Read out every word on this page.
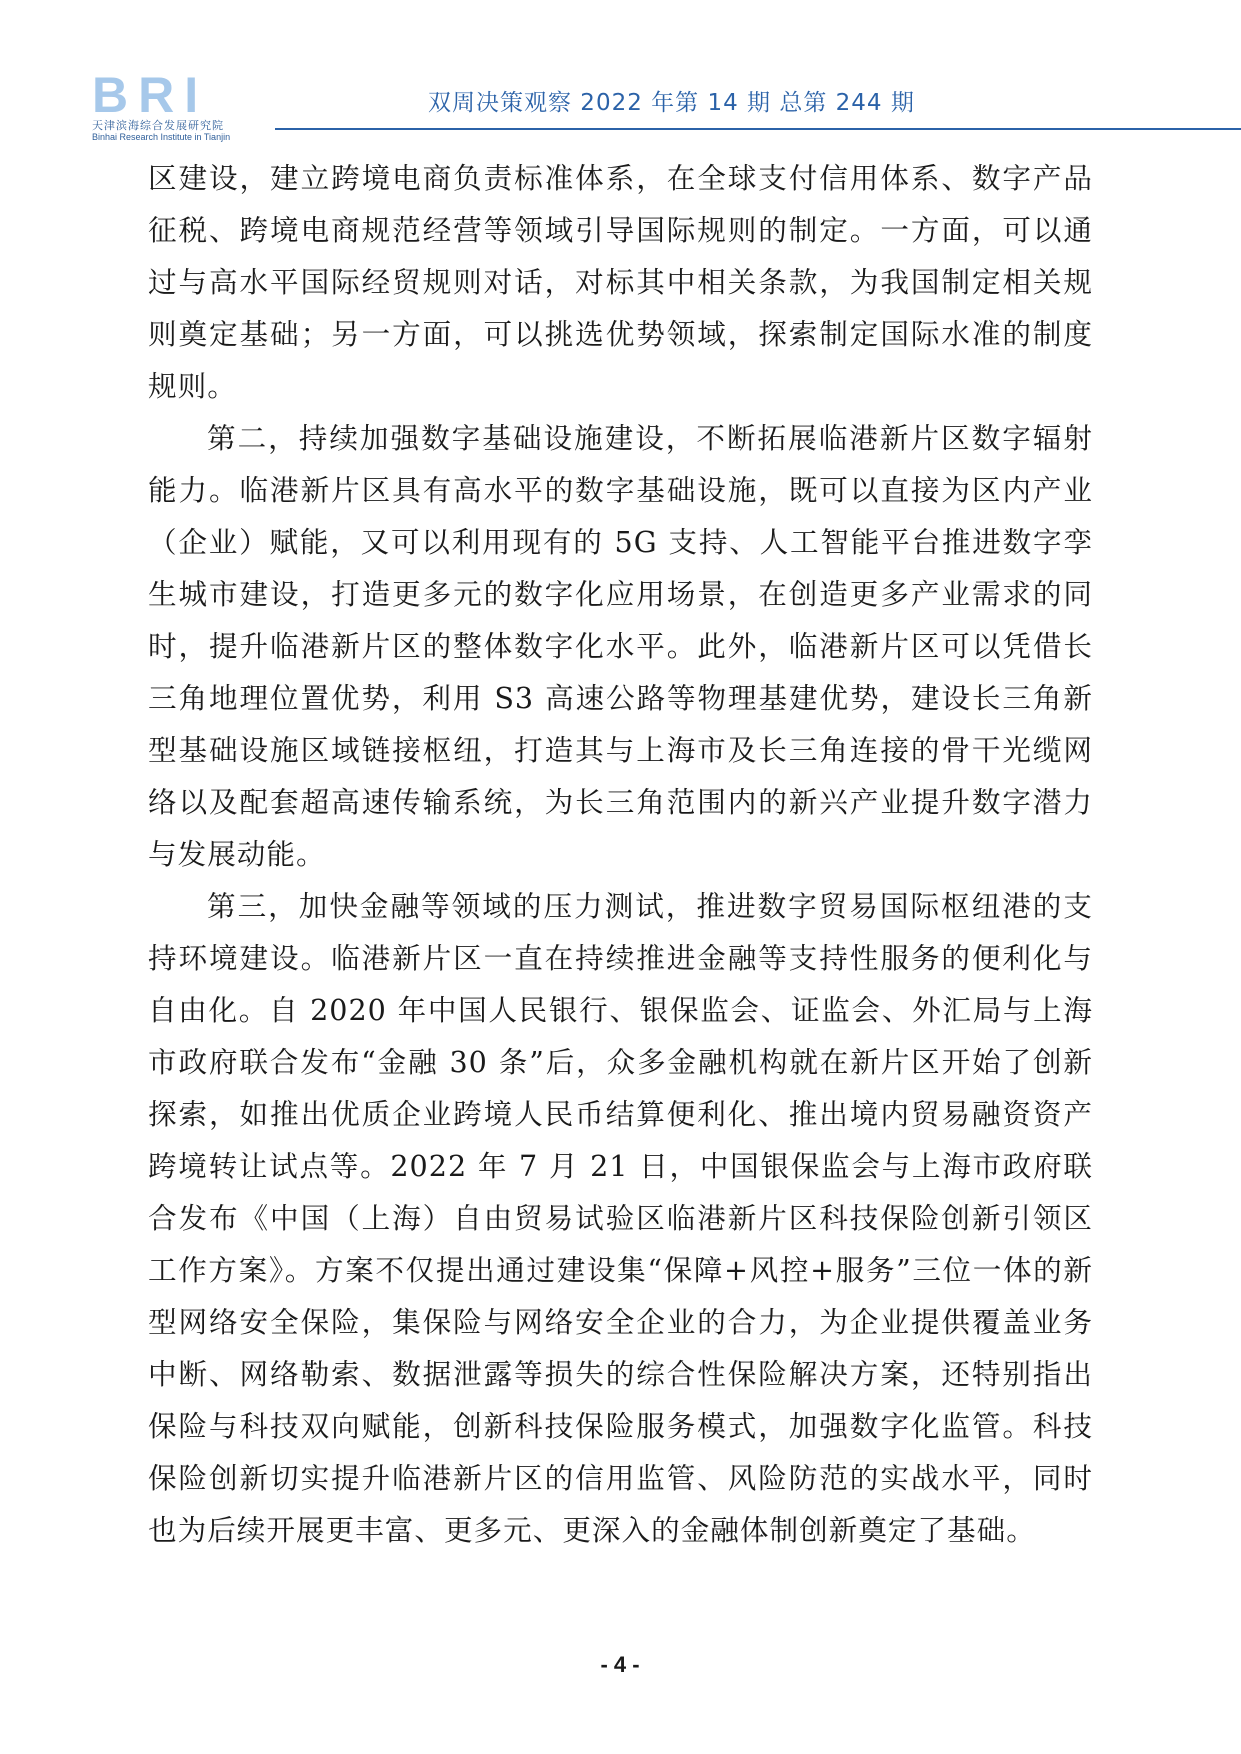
BRI
天津滨海综合发展研究院
Binhai Research Institute in Tianjin
双周决策观察 2022 年第 14 期 总第 244 期

区建设，建立跨境电商负责标准体系，在全球支付信用体系、数字产品征税、跨境电商规范经营等领域引导国际规则的制定。一方面，可以通过与高水平国际经贸规则对话，对标其中相关条款，为我国制定相关规则奠定基础；另一方面，可以挑选优势领域，探索制定国际水准的制度规则。

第二，持续加强数字基础设施建设，不断拓展临港新片区数字辐射能力。临港新片区具有高水平的数字基础设施，既可以直接为区内产业（企业）赋能，又可以利用现有的 5G 支持、人工智能平台推进数字孪生城市建设，打造更多元的数字化应用场景，在创造更多产业需求的同时，提升临港新片区的整体数字化水平。此外，临港新片区可以凭借长三角地理位置优势，利用 S3 高速公路等物理基建优势，建设长三角新型基础设施区域链接枢纽，打造其与上海市及长三角连接的骨干光缆网络以及配套超高速传输系统，为长三角范围内的新兴产业提升数字潜力与发展动能。

第三，加快金融等领域的压力测试，推进数字贸易国际枢纽港的支持环境建设。临港新片区一直在持续推进金融等支持性服务的便利化与自由化。自 2020 年中国人民银行、银保监会、证监会、外汇局与上海市政府联合发布“金融 30 条”后，众多金融机构就在新片区开始了创新探索，如推出优质企业跨境人民币结算便利化、推出境内贸易融资资产跨境转让试点等。2022 年 7 月 21 日，中国银保监会与上海市政府联合发布《中国（上海）自由贸易试验区临港新片区科技保险创新引领区工作方案》。方案不仅提出通过建设集“保障+风控+服务”三位一体的新型网络安全保险，集保险与网络安全企业的合力，为企业提供覆盖业务中断、网络勒索、数据泄露等损失的综合性保险解决方案，还特别指出保险与科技双向赋能，创新科技保险服务模式，加强数字化监管。科技保险创新切实提升临港新片区的信用监管、风险防范的实战水平，同时也为后续开展更丰富、更多元、更深入的金融体制创新奠定了基础。

- 4 -
